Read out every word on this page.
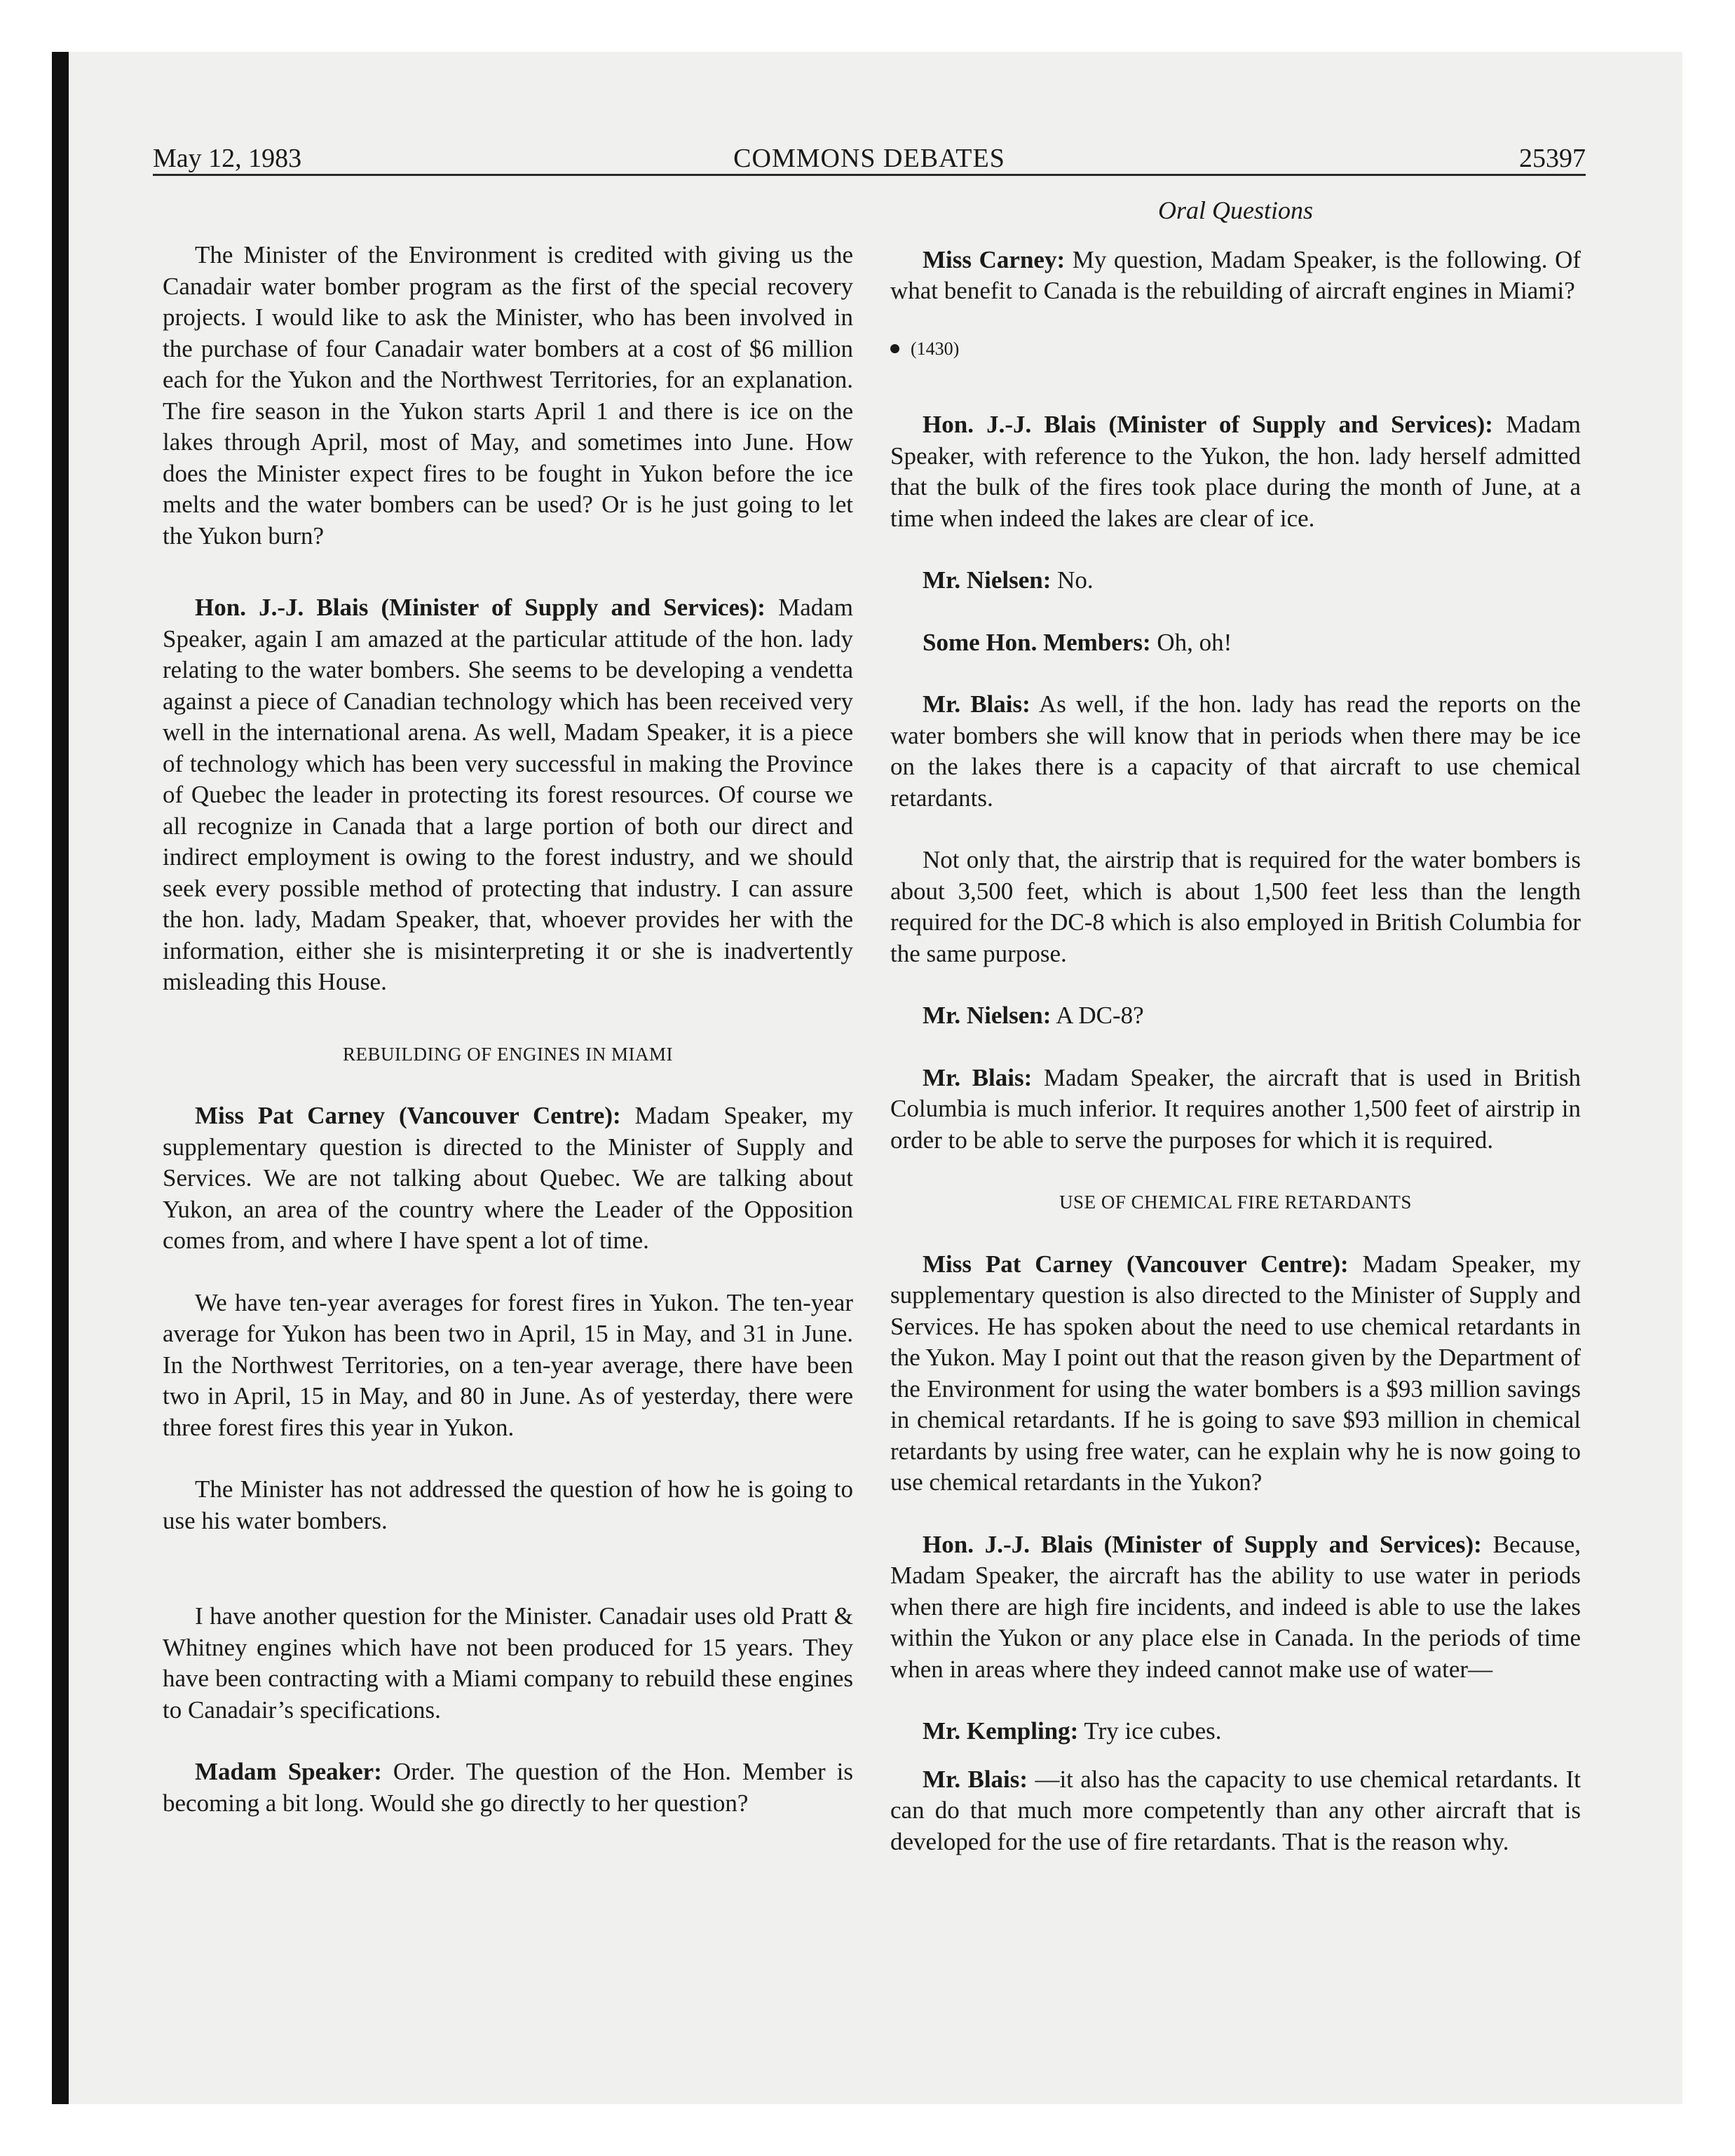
May 12, 1983	COMMONS DEBATES	25397

The Minister of the Environment is credited with giving us the Canadair water bomber program as the first of the special recovery projects. I would like to ask the Minister, who has been involved in the purchase of four Canadair water bombers at a cost of $6 million each for the Yukon and the Northwest Territories, for an explanation. The fire season in the Yukon starts April 1 and there is ice on the lakes through April, most of May, and sometimes into June. How does the Minister expect fires to be fought in Yukon before the ice melts and the water bombers can be used? Or is he just going to let the Yukon burn?

Hon. J.-J. Blais (Minister of Supply and Services): Madam Speaker, again I am amazed at the particular attitude of the hon. lady relating to the water bombers. She seems to be developing a vendetta against a piece of Canadian technology which has been received very well in the international arena. As well, Madam Speaker, it is a piece of technology which has been very successful in making the Province of Quebec the leader in protecting its forest resources. Of course we all recognize in Canada that a large portion of both our direct and indirect employment is owing to the forest industry, and we should seek every possible method of protecting that industry. I can assure the hon. lady, Madam Speaker, that, whoever provides her with the information, either she is misinterpreting it or she is inadvertently misleading this House.

REBUILDING OF ENGINES IN MIAMI

Miss Pat Carney (Vancouver Centre): Madam Speaker, my supplementary question is directed to the Minister of Supply and Services. We are not talking about Quebec. We are talking about Yukon, an area of the country where the Leader of the Opposition comes from, and where I have spent a lot of time.

We have ten-year averages for forest fires in Yukon. The ten-year average for Yukon has been two in April, 15 in May, and 31 in June. In the Northwest Territories, on a ten-year average, there have been two in April, 15 in May, and 80 in June. As of yesterday, there were three forest fires this year in Yukon.

The Minister has not addressed the question of how he is going to use his water bombers.

I have another question for the Minister. Canadair uses old Pratt & Whitney engines which have not been produced for 15 years. They have been contracting with a Miami company to rebuild these engines to Canadair’s specifications.

Madam Speaker: Order. The question of the Hon. Member is becoming a bit long. Would she go directly to her question?

Oral Questions

Miss Carney: My question, Madam Speaker, is the following. Of what benefit to Canada is the rebuilding of aircraft engines in Miami?

(1430)

Hon. J.-J. Blais (Minister of Supply and Services): Madam Speaker, with reference to the Yukon, the hon. lady herself admitted that the bulk of the fires took place during the month of June, at a time when indeed the lakes are clear of ice.

Mr. Nielsen: No.

Some Hon. Members: Oh, oh!

Mr. Blais: As well, if the hon. lady has read the reports on the water bombers she will know that in periods when there may be ice on the lakes there is a capacity of that aircraft to use chemical retardants.

Not only that, the airstrip that is required for the water bombers is about 3,500 feet, which is about 1,500 feet less than the length required for the DC-8 which is also employed in British Columbia for the same purpose.

Mr. Nielsen: A DC-8?

Mr. Blais: Madam Speaker, the aircraft that is used in British Columbia is much inferior. It requires another 1,500 feet of airstrip in order to be able to serve the purposes for which it is required.

USE OF CHEMICAL FIRE RETARDANTS

Miss Pat Carney (Vancouver Centre): Madam Speaker, my supplementary question is also directed to the Minister of Supply and Services. He has spoken about the need to use chemical retardants in the Yukon. May I point out that the reason given by the Department of the Environment for using the water bombers is a $93 million savings in chemical retardants. If he is going to save $93 million in chemical retardants by using free water, can he explain why he is now going to use chemical retardants in the Yukon?

Hon. J.-J. Blais (Minister of Supply and Services): Because, Madam Speaker, the aircraft has the ability to use water in periods when there are high fire incidents, and indeed is able to use the lakes within the Yukon or any place else in Canada. In the periods of time when in areas where they indeed cannot make use of water—

Mr. Kempling: Try ice cubes.

Mr. Blais: —it also has the capacity to use chemical retardants. It can do that much more competently than any other aircraft that is developed for the use of fire retardants. That is the reason why.
